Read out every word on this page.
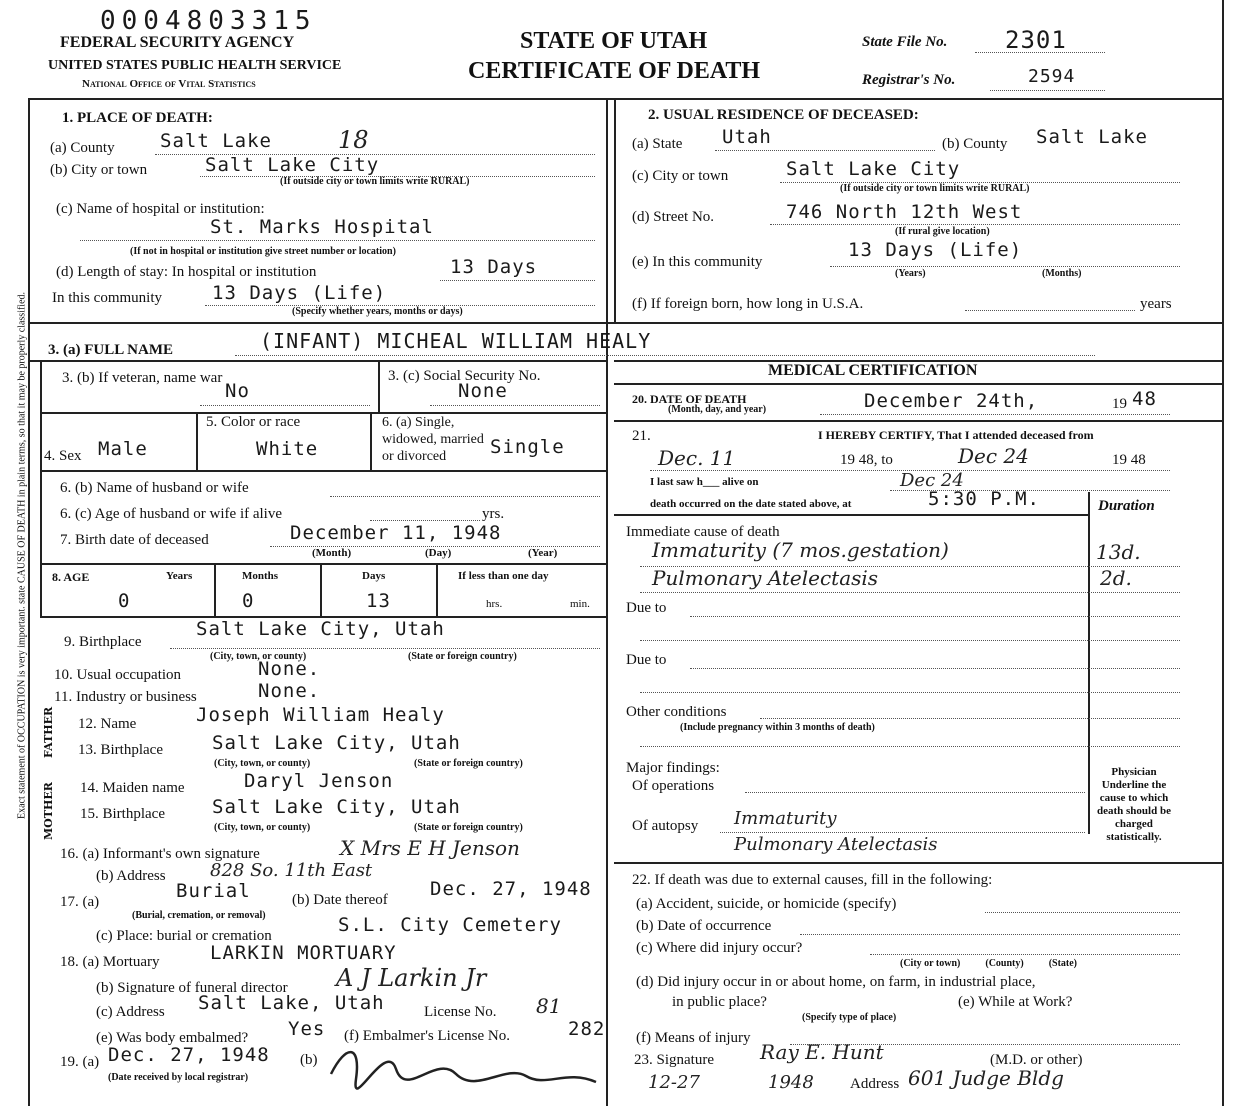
Exact statement of OCCUPATION is very important. state CAUSE OF DEATH in plain terms, so that it may be properly classified.
0004803315
FEDERAL SECURITY AGENCY
UNITED STATES PUBLIC HEALTH SERVICE
National Office of Vital Statistics
STATE OF UTAH
CERTIFICATE OF DEATH
State File No. 2301
Registrar's No.	2594
1. PLACE OF DEATH:
(a) County Salt Lake	18
(b) City or town	Salt Lake City
(If outside city or town limits write RURAL)
(c) Name of hospital or institution:
St. Marks Hospital
(If not in hospital or institution give street number or location)
(d) Length of stay: In hospital or institution	13 Days
In this community	13 Days (Life)
(Specify whether years, months or days)
2. USUAL RESIDENCE OF DECEASED:
(a) State Utah	(b) County Salt Lake
(c) City or town	Salt Lake City
(If outside city or town limits write RURAL)
(d) Street No.	746 North 12th West
(If rural give location)
(e) In this community
13 Days (Life)
(Years)	(Months)
(f) If foreign born, how long in U.S.A.	years
3. (a) FULL NAME	(INFANT) MICHEAL WILLIAM HEALY
3. (b) If veteran, name war
No
3. (c) Social Security No.
None
4. Sex Male
5. Color or race
White
6. (a) Single, widowed, married or divorced	Single
6. (b) Name of husband or wife
6. (c) Age of husband or wife if alive	yrs.
7. Birth date of deceased	December 11, 1948
(Month)	(Day)	(Year)
8. AGE	Years	Months	Days	If less than one day
0	0	13	hrs.	min.
9. Birthplace
Salt Lake City, Utah
(City, town, or county)	(State or foreign country)
10. Usual occupation	None.
11. Industry or business	None.
FATHER
MOTHER
12. Name	Joseph William Healy
13. Birthplace	Salt Lake City, Utah
(City, town, or county)	(State or foreign country)
14. Maiden name	Daryl Jenson
15. Birthplace Salt Lake City, Utah
(City, town, or county)	(State or foreign country)
16. (a) Informant's own signature	X Mrs E H Jenson
(b) Address 828 So. 11th East
17. (a)	Burial
(Burial, cremation, or removal)
(b) Date thereof Dec. 27, 1948
(c) Place: burial or cremation	S.L. City Cemetery
18. (a) Mortuary	LARKIN MORTUARY
(b) Signature of funeral director A J Larkin Jr
(c) Address Salt Lake, Utah	License No. 81
(e) Was body embalmed? Yes (f) Embalmer's License No.	282
19. (a) Dec. 27, 1948
(Date received by local registrar)
(b)
MEDICAL CERTIFICATION
20. DATE OF DEATH
(Month, day, and year)	December 24th,	19 48
21.	I HEREBY CERTIFY, That I attended deceased from
Dec. 11	19 48, to	Dec 24	19 48
I last saw h___ alive on	Dec 24
death occurred on the date stated above, at	5:30 P.M.	Duration
Immediate cause of death
Immaturity (7 mos.gestation)	13d.
Pulmonary Atelectasis	2d.
Due to
Due to
Other conditions
(Include pregnancy within 3 months of death)
Major findings:
Of operations
Of autopsy Immaturity
Pulmonary Atelectasis
Physician Underline the cause to which death should be charged statistically.
22. If death was due to external causes, fill in the following:
(a) Accident, suicide, or homicide (specify)
(b) Date of occurrence
(c) Where did injury occur?
(City or town)          (County)          (State)
(d) Did injury occur in or about home, on farm, in industrial place,
in public place?	(e) While at Work?
(Specify type of place)
(f) Means of injury
23. Signature Ray E. Hunt	(M.D. or other)
12-27	1948 Address 601 Judge Bldg
